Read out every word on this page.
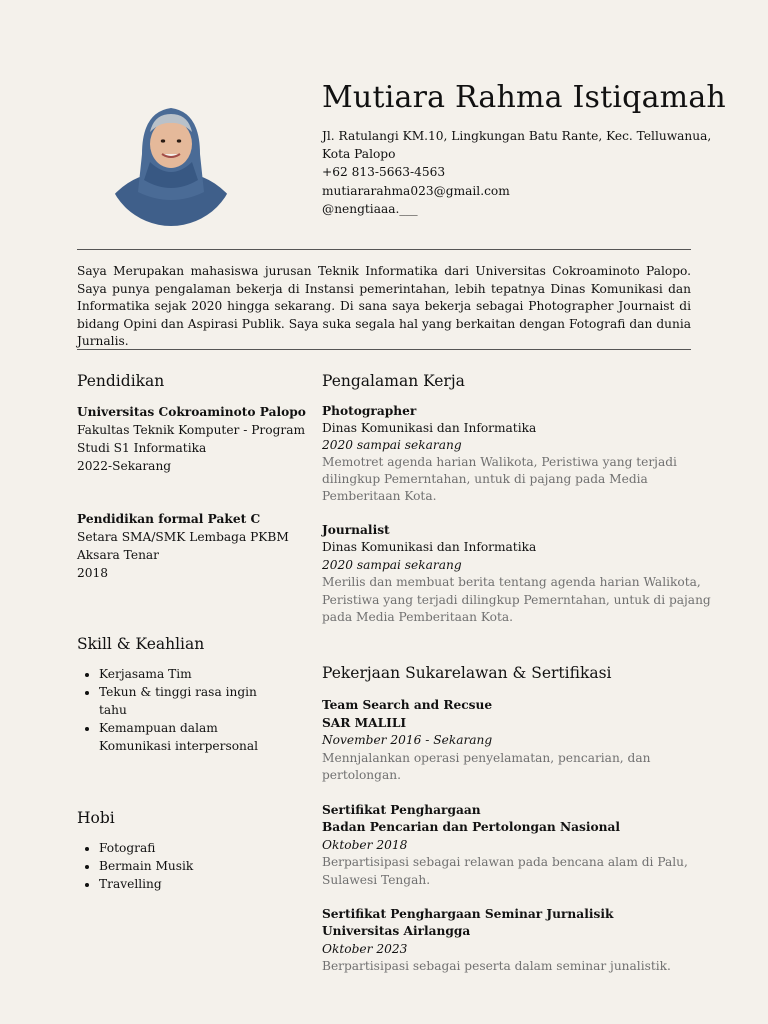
Mutiara Rahma Istiqamah
Jl. Ratulangi KM.10, Lingkungan Batu Rante, Kec. Telluwanua,
Kota Palopo
+62 813-5663-4563
mutiararahma023@gmail.com
@nengtiaaa.___
Saya Merupakan mahasiswa jurusan Teknik Informatika dari Universitas Cokroaminoto Palopo. Saya punya pengalaman bekerja di Instansi pemerintahan, lebih tepatnya Dinas Komunikasi dan Informatika sejak 2020 hingga sekarang. Di sana saya bekerja sebagai Photographer Journaist di bidang Opini dan Aspirasi Publik. Saya suka segala hal yang berkaitan dengan Fotografi dan dunia Jurnalis.
Pendidikan
Universitas Cokroaminoto Palopo
Fakultas Teknik Komputer - Program
Studi S1 Informatika
2022-Sekarang
Pendidikan formal Paket C
Setara SMA/SMK Lembaga PKBM
Aksara Tenar
2018
Skill & Keahlian
• Kerjasama Tim
• Tekun & tinggi rasa ingin
tahu
• Kemampuan dalam
Komunikasi interpersonal
Hobi
• Fotografi
• Bermain Musik
• Travelling
Pengalaman Kerja
Photographer
Dinas Komunikasi dan Informatika
2020 sampai sekarang
Memotret agenda harian Walikota, Peristiwa yang terjadi
dilingkup Pemerntahan, untuk di pajang pada Media
Pemberitaan Kota.
Journalist
Dinas Komunikasi dan Informatika
2020 sampai sekarang
Merilis dan membuat berita tentang agenda harian Walikota,
Peristiwa yang terjadi dilingkup Pemerntahan, untuk di pajang
pada Media Pemberitaan Kota.
Pekerjaan Sukarelawan & Sertifikasi
Team Search and Recsue
SAR MALILI
November 2016 - Sekarang
Mennjalankan operasi penyelamatan, pencarian, dan
pertolongan.
Sertifikat Penghargaan
Badan Pencarian dan Pertolongan Nasional
Oktober 2018
Berpartisipasi sebagai relawan pada bencana alam di Palu,
Sulawesi Tengah.
Sertifikat Penghargaan Seminar Jurnalisik
Universitas Airlangga
Oktober 2023
Berpartisipasi sebagai peserta dalam seminar junalistik.
